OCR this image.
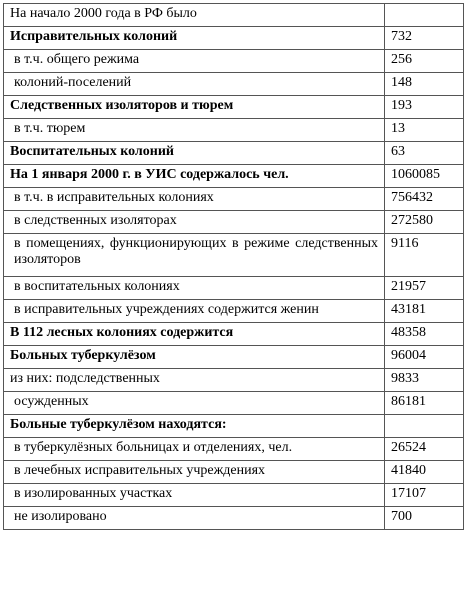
На начало 2000 года в РФ было	
Исправительных колоний	732
в т.ч. общего режима	256
колоний-поселений	148
Следственных изоляторов и тюрем	193
в т.ч. тюрем	13
Воспитательных колоний	63
На 1 января 2000 г. в УИС содержалось чел.	1060085
в т.ч. в исправительных колониях	756432
в следственных изоляторах	272580
в помещениях, функционирующих в режиме следственных изоляторов	9116
в воспитательных колониях	21957
в исправительных учреждениях содержится женин	43181
В 112 лесных колониях содержится	48358
Бoльных туберкулёзом	96004
из них: подследственных	9833
осужденных	86181
Больные туберкулёзом находятся:	
в туберкулёзных больницах и отделениях, чел.	26524
в лечебных исправительных учреждениях	41840
в изолированных участках	17107
не изолировано	700
